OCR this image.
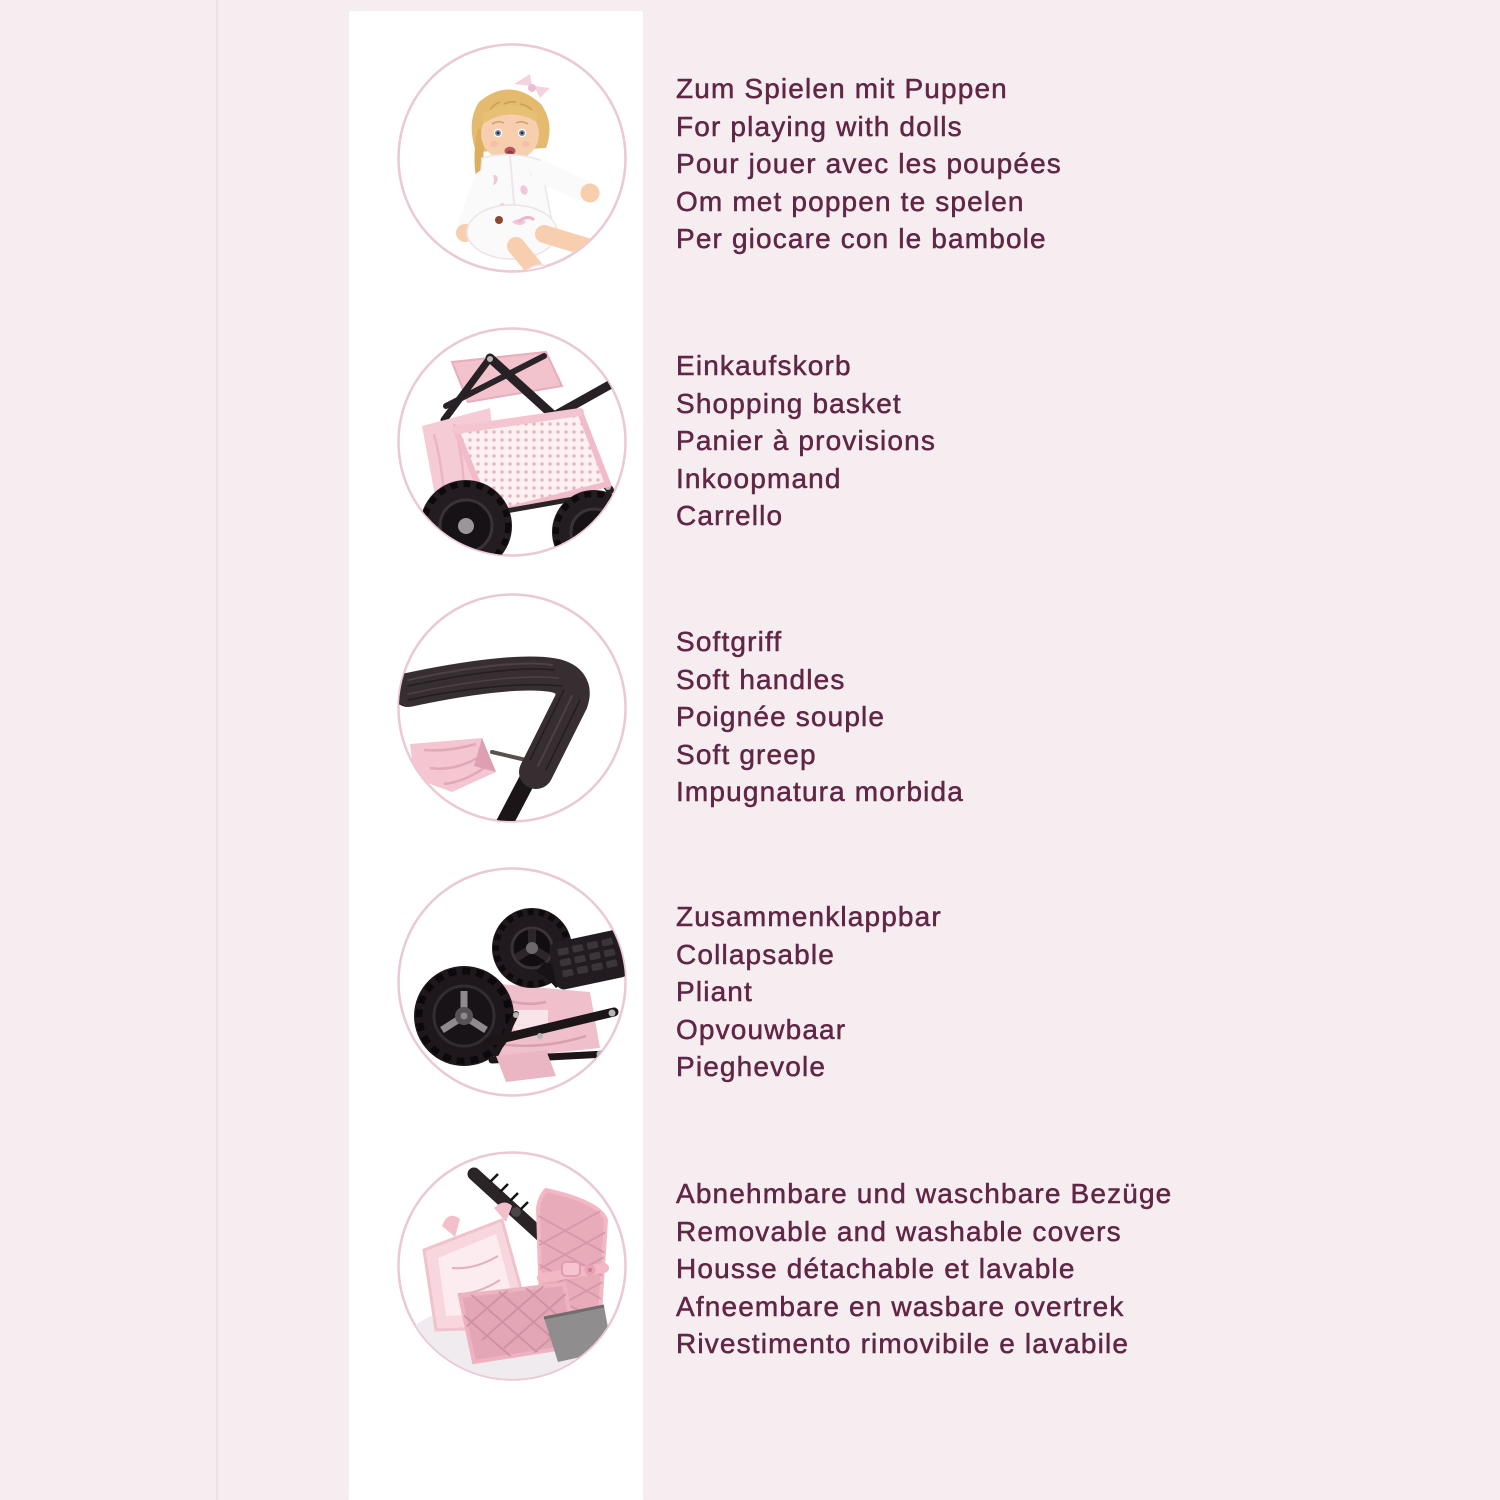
Zum Spielen mit Puppen
For playing with dolls
Pour jouer avec les poupées
Om met poppen te spelen
Per giocare con le bambole
Einkaufskorb
Shopping basket
Panier à provisions
Inkoopmand
Carrello
Softgriff
Soft handles
Poignée souple
Soft greep
Impugnatura morbida
Zusammenklappbar
Collapsable
Pliant
Opvouwbaar
Pieghevole
Abnehmbare und waschbare Bezüge
Removable and washable covers
Housse détachable et lavable
Afneembare en wasbare overtrek
Rivestimento rimovibile e lavabile
